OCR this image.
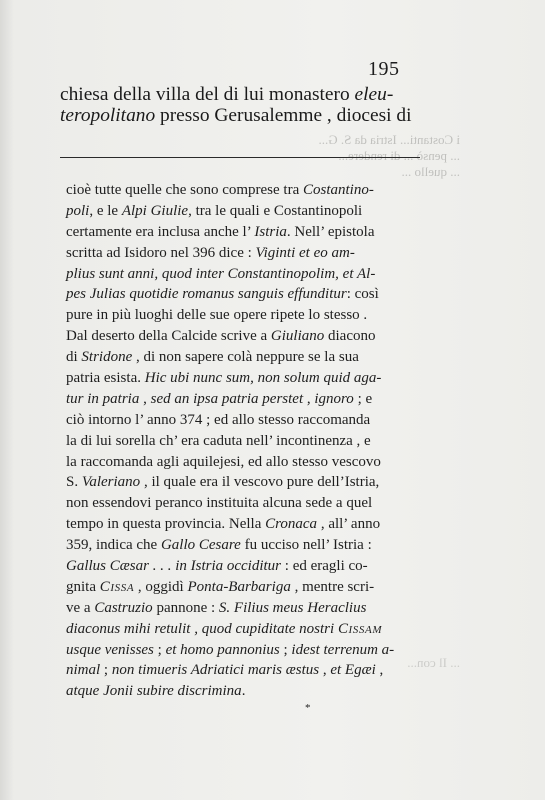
i Costanti... Istria da S. G...
... pensò ... di rendere...
... quello ...
... Il con...
195
chiesa della villa del di lui monastero eleu-
teropolitano presso Gerusalemme , diocesi di
cioè tutte quelle che sono comprese tra Costantino-
poli, e le Alpi Giulie, tra le quali e Costantinopoli
certamente era inclusa anche l’ Istria. Nell’ epistola
scritta ad Isidoro nel 396 dice : Viginti et eo am-
plius sunt anni, quod inter Constantinopolim, et Al-
pes Julias quotidie romanus sanguis effunditur: così
pure in più luoghi delle sue opere ripete lo stesso .
Dal deserto della Calcide scrive a Giuliano diacono
di Stridone , di non sapere colà neppure se la sua
patria esista. Hic ubi nunc sum, non solum quid aga-
tur in patria , sed an ipsa patria perstet , ignoro ; e
ciò intorno l’ anno 374 ; ed allo stesso raccomanda
la di lui sorella ch’ era caduta nell’ incontinenza , e
la raccomanda agli aquilejesi, ed allo stesso vescovo
S. Valeriano , il quale era il vescovo pure dell’Istria,
non essendovi peranco instituita alcuna sede a quel
tempo in questa provincia. Nella Cronaca , all’ anno
359, indica che Gallo Cesare fu ucciso nell’ Istria :
Gallus Cæsar . . . in Istria occiditur : ed eragli co-
gnita Cissa , oggidì Ponta-Barbariga , mentre scri-
ve a Castruzio pannone : S. Filius meus Heraclius
diaconus mihi retulit , quod cupiditate nostri Cissam
usque venisses ; et homo pannonius ; idest terrenum a-
nimal ; non timueris Adriatici maris æstus , et Egæi ,
atque Jonii subire discrimina.
*
